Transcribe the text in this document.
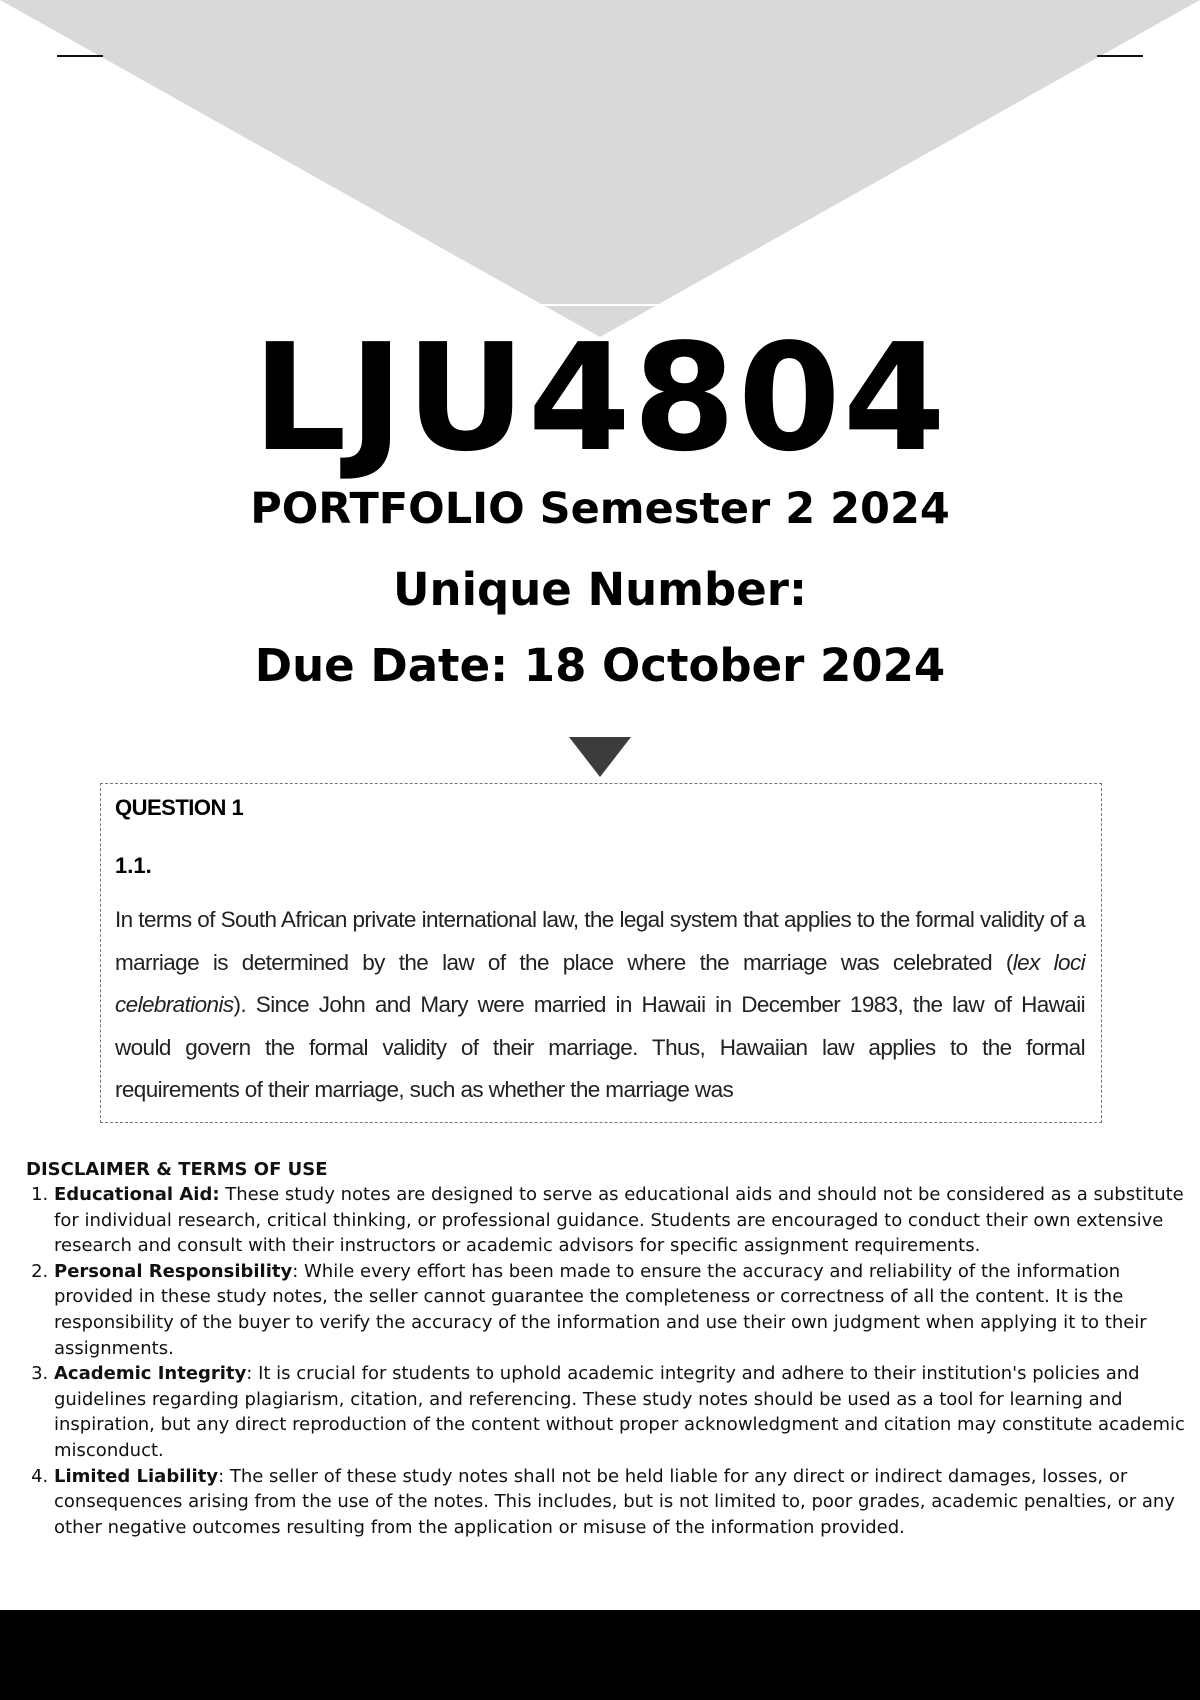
LJU4804
PORTFOLIO Semester 2 2024
Unique Number:
Due Date: 18 October 2024
QUESTION 1
1.1.
In terms of South African private international law, the legal system that applies to the formal validity of a marriage is determined by the law of the place where the marriage was celebrated (lex loci celebrationis). Since John and Mary were married in Hawaii in December 1983, the law of Hawaii would govern the formal validity of their marriage. Thus, Hawaiian law applies to the formal requirements of their marriage, such as whether the marriage was
DISCLAIMER & TERMS OF USE
1. Educational Aid: These study notes are designed to serve as educational aids and should not be considered as a substitute for individual research, critical thinking, or professional guidance. Students are encouraged to conduct their own extensive research and consult with their instructors or academic advisors for specific assignment requirements.
2. Personal Responsibility: While every effort has been made to ensure the accuracy and reliability of the information provided in these study notes, the seller cannot guarantee the completeness or correctness of all the content. It is the responsibility of the buyer to verify the accuracy of the information and use their own judgment when applying it to their assignments.
3. Academic Integrity: It is crucial for students to uphold academic integrity and adhere to their institution's policies and guidelines regarding plagiarism, citation, and referencing. These study notes should be used as a tool for learning and inspiration, but any direct reproduction of the content without proper acknowledgment and citation may constitute academic misconduct.
4. Limited Liability: The seller of these study notes shall not be held liable for any direct or indirect damages, losses, or consequences arising from the use of the notes. This includes, but is not limited to, poor grades, academic penalties, or any other negative outcomes resulting from the application or misuse of the information provided.
